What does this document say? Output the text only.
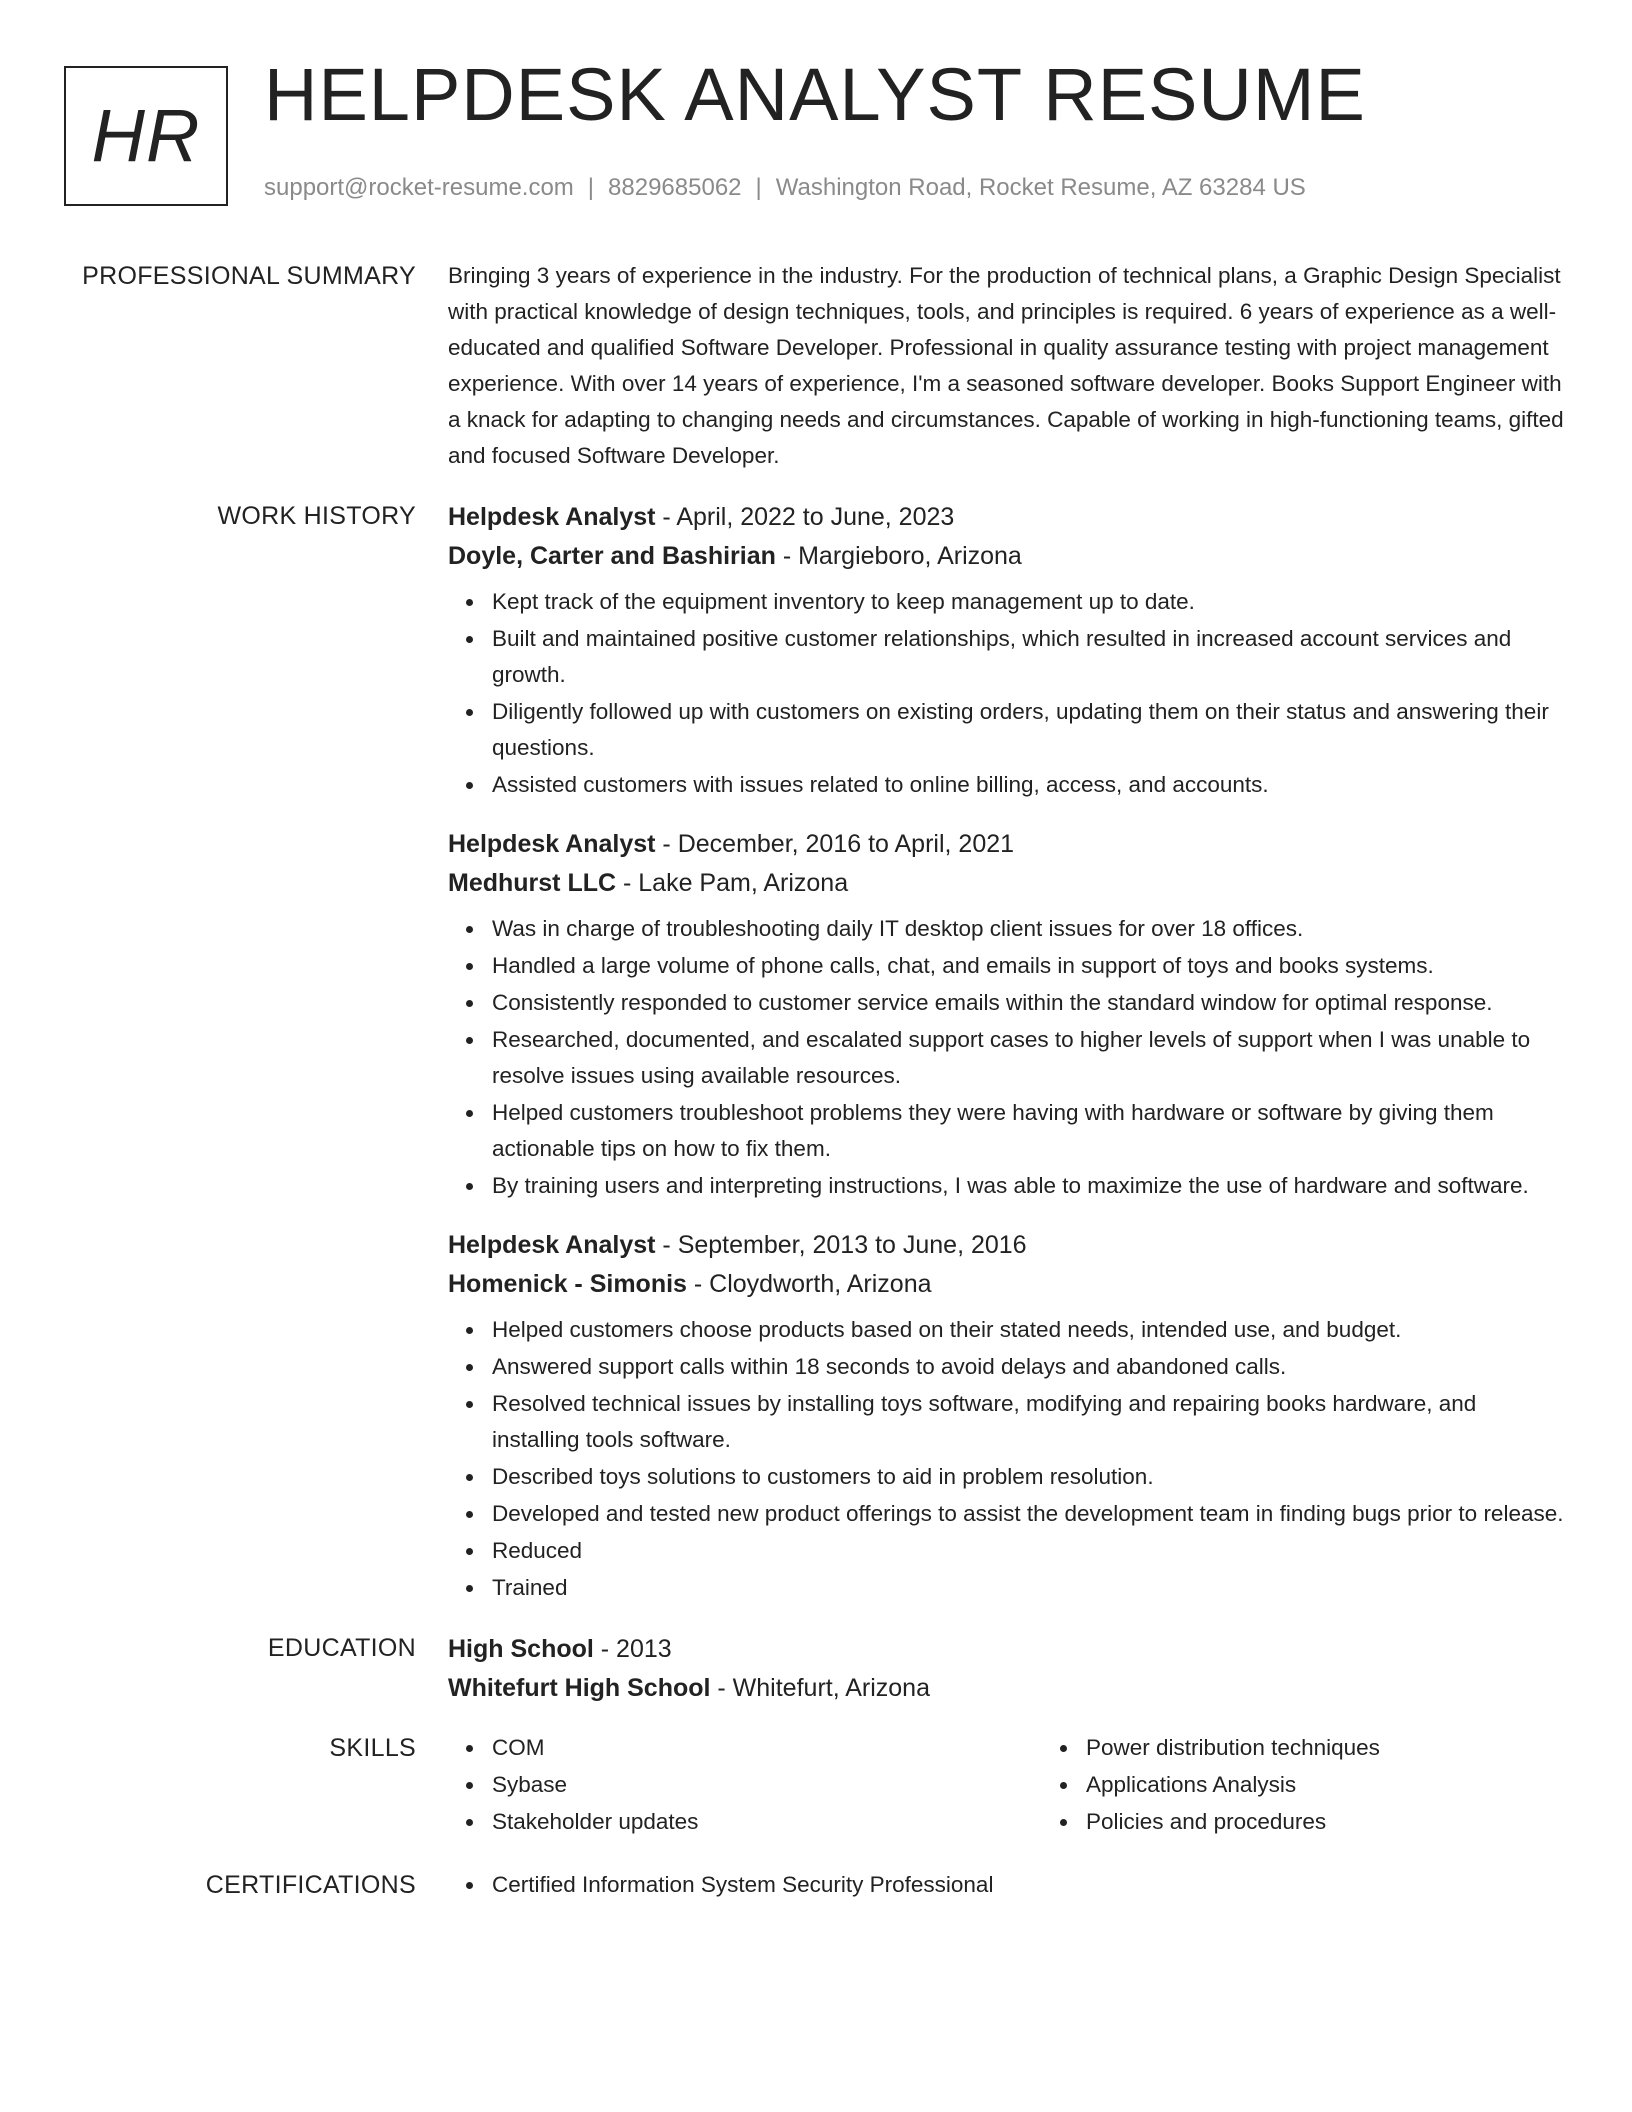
HR HELPDESK ANALYST RESUME
support@rocket-resume.com | 8829685062 | Washington Road, Rocket Resume, AZ 63284 US
PROFESSIONAL SUMMARY Bringing 3 years of experience in the industry. For the production of technical plans, a Graphic Design Specialist with practical knowledge of design techniques, tools, and principles is required. 6 years of experience as a well-educated and qualified Software Developer. Professional in quality assurance testing with project management experience. With over 14 years of experience, I'm a seasoned software developer. Books Support Engineer with a knack for adapting to changing needs and circumstances. Capable of working in high-functioning teams, gifted and focused Software Developer.

WORK HISTORY Helpdesk Analyst - April, 2022 to June, 2023
Doyle, Carter and Bashirian - Margieboro, Arizona
Kept track of the equipment inventory to keep management up to date.
Built and maintained positive customer relationships, which resulted in increased account services and growth.
Diligently followed up with customers on existing orders, updating them on their status and answering their questions.
Assisted customers with issues related to online billing, access, and accounts.
Helpdesk Analyst - December, 2016 to April, 2021
Medhurst LLC - Lake Pam, Arizona
Was in charge of troubleshooting daily IT desktop client issues for over 18 offices.
Handled a large volume of phone calls, chat, and emails in support of toys and books systems.
Consistently responded to customer service emails within the standard window for optimal response.
Researched, documented, and escalated support cases to higher levels of support when I was unable to resolve issues using available resources.
Helped customers troubleshoot problems they were having with hardware or software by giving them actionable tips on how to fix them.
By training users and interpreting instructions, I was able to maximize the use of hardware and software.
Helpdesk Analyst - September, 2013 to June, 2016
Homenick - Simonis - Cloydworth, Arizona
Helped customers choose products based on their stated needs, intended use, and budget.
Answered support calls within 18 seconds to avoid delays and abandoned calls.
Resolved technical issues by installing toys software, modifying and repairing books hardware, and installing tools software.
Described toys solutions to customers to aid in problem resolution.
Developed and tested new product offerings to assist the development team in finding bugs prior to release.
Reduced
Trained
EDUCATION High School - 2013
Whitefurt High School - Whitefurt, Arizona
SKILLS	COM
Sybase
Stakeholder updates
Power distribution techniques
Applications Analysis
Policies and procedures
CERTIFICATIONS	Certified Information System Security Professional
